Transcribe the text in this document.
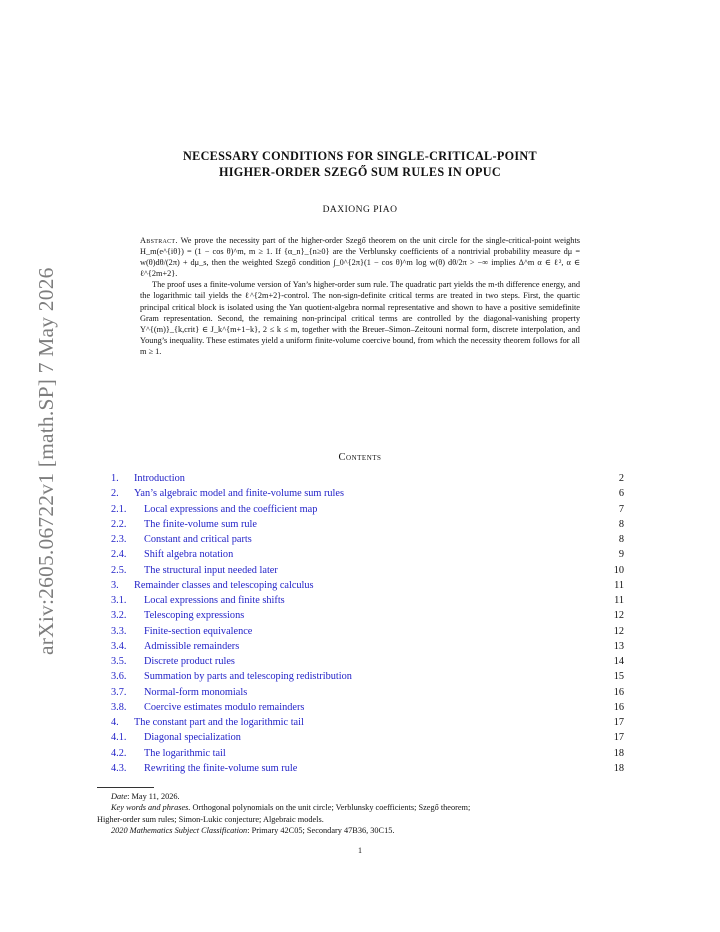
arXiv:2605.06722v1 [math.SP] 7 May 2026
NECESSARY CONDITIONS FOR SINGLE-CRITICAL-POINT
HIGHER-ORDER SZEGŐ SUM RULES IN OPUC
DAXIONG PIAO

Abstract. We prove the necessity part of the higher-order Szegő theorem on the unit circle for the single-critical-point weights H_m(e^{iθ}) = (1 − cos θ)^m, m ≥ 1. If {α_n}_{n≥0} are the Verblunsky coefficients of a nontrivial probability measure dμ = w(θ)dθ/(2π) + dμ_s, then the weighted Szegő condition ∫_0^{2π}(1 − cos θ)^m log w(θ) dθ/2π > −∞ implies Δ^m α ∈ ℓ², α ∈ ℓ^{2m+2}.

The proof uses a finite-volume version of Yan’s higher-order sum rule. The quadratic part yields the m-th difference energy, and the logarithmic tail yields the ℓ^{2m+2}-control. The non-sign-definite critical terms are treated in two steps. First, the quartic principal critical block is isolated using the Yan quotient-algebra normal representative and shown to have a positive semidefinite Gram representation. Second, the remaining non-principal critical terms are controlled by the diagonal-vanishing property Y^{(m)}_{k,crit} ∈ J_k^{m+1−k}, 2 ≤ k ≤ m, together with the Breuer–Simon–Zeitouni normal form, discrete interpolation, and Young’s inequality. These estimates yield a uniform finite-volume coercive bound, from which the necessity theorem follows for all m ≥ 1.

Contents
1.	Introduction	2
2.	Yan’s algebraic model and finite-volume sum rules	6
2.1.	Local expressions and the coefficient map	7
2.2.	The finite-volume sum rule	8
2.3.	Constant and critical parts	8
2.4.	Shift algebra notation	9
2.5.	The structural input needed later	10
3.	Remainder classes and telescoping calculus	11
3.1.	Local expressions and finite shifts	11
3.2.	Telescoping expressions	12
3.3.	Finite-section equivalence	12
3.4.	Admissible remainders	13
3.5.	Discrete product rules	14
3.6.	Summation by parts and telescoping redistribution	15
3.7.	Normal-form monomials	16
3.8.	Coercive estimates modulo remainders	16
4.	The constant part and the logarithmic tail	17
4.1.	Diagonal specialization	17
4.2.	The logarithmic tail	18
4.3.	Rewriting the finite-volume sum rule	18
Date: May 11, 2026.
Key words and phrases. Orthogonal polynomials on the unit circle; Verblunsky coefficients; Szegő theorem;
Higher-order sum rules; Simon-Lukic conjecture; Algebraic models.
2020 Mathematics Subject Classification: Primary 42C05; Secondary 47B36, 30C15.
1
